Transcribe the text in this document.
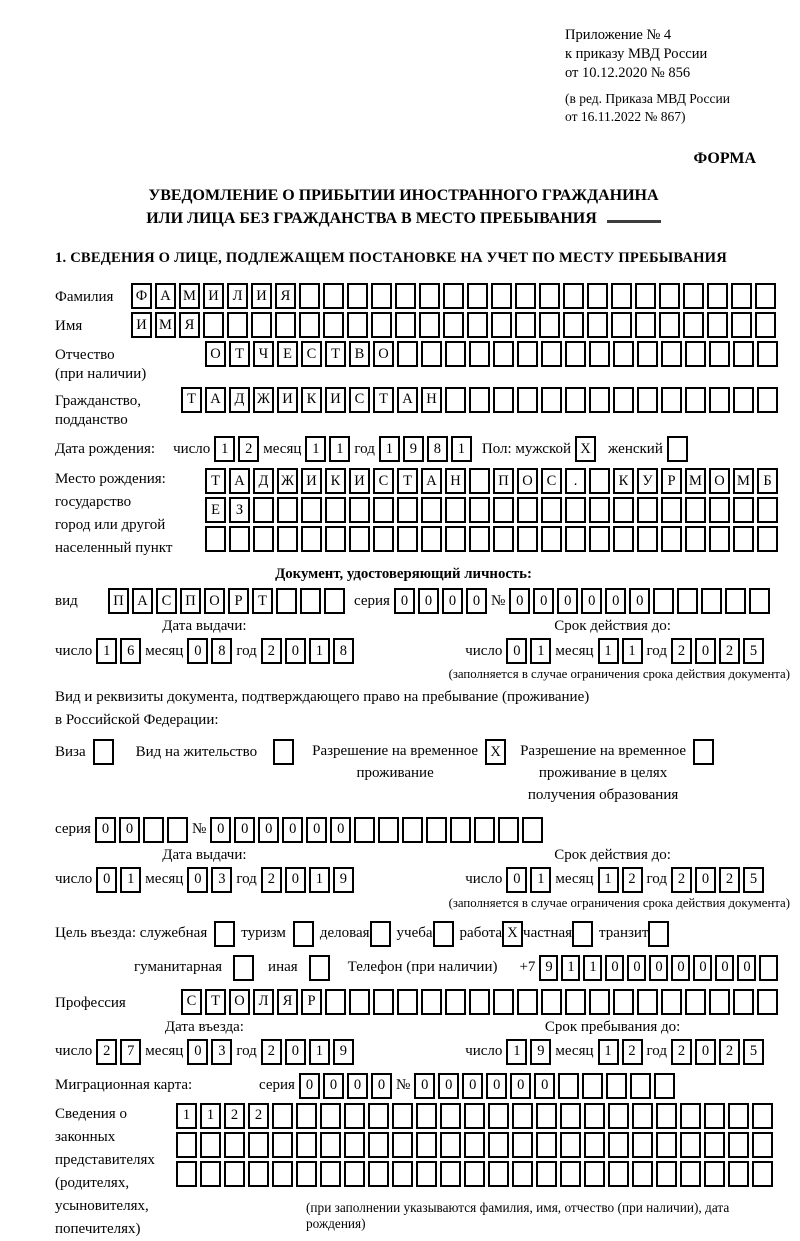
Приложение № 4
к приказу МВД России
от 10.12.2020 № 856
(в ред. Приказа МВД России
от 16.11.2022 № 867)
ФОРМА
УВЕДОМЛЕНИЕ О ПРИБЫТИИ ИНОСТРАННОГО ГРАЖДАНИНА
ИЛИ ЛИЦА БЕЗ ГРАЖДАНСТВА В МЕСТО ПРЕБЫВАНИЯ
1. СВЕДЕНИЯ О ЛИЦЕ, ПОДЛЕЖАЩЕМ ПОСТАНОВКЕ НА УЧЕТ ПО МЕСТУ ПРЕБЫВАНИЯ
Фамилия	Ф А М И Л И Я
Имя	И М Я
Отчество
(при наличии)
О Т	Ч	Е	С	Т	В О
Гражданство,
подданство
Т А Д Ж И К И С	Т А Н
Дата рождения: число 1	2 месяц 1	1 год 1	9	8	1	Пол: мужской X	женский
Место рождения:
государство
город или другой
населенный пункт
Т А Д Ж И К И С	Т А Н	П О С	.	К У	Р М О М Б
Е	З
Документ, удостоверяющий личность:
вид	П А С П О	Р	Т	серия 0	0	0	0 № 0	0	0	0	0	0
Дата выдачи:
число 1	6 месяц 0	8 год 2	0	1	8
Срок действия до:
число 0	1 месяц 1	1 год 2	0	2	5
(заполняется в случае ограничения срока действия документа)
Вид и реквизиты документа, подтверждающего право на пребывание (проживание)
в Российской Федерации:
Виза	Вид на жительство	Разрешение на временное
проживание
X	Разрешение на временное
проживание в целях
получения образования
серия 0	0	№ 0	0	0	0	0	0
Дата выдачи:
число 0	1 месяц 0	3 год 2	0	1	9
Срок действия до:
число 0	1 месяц 1	2 год 2	0	2	5
(заполняется в случае ограничения срока действия документа)
Цель въезда: служебная туризм деловая учеба работа X частная транзит
гуманитарная	иная	Телефон (при наличии) +7 9	1	1	0	0	0	0	0	0	0
Профессия	С	Т О Л Я	Р
Дата въезда:
число 2	7 месяц 0	3 год 2	0	1	9
Срок пребывания до:
число 1	9 месяц 1	2 год 2	0	2	5
Миграционная карта:	серия 0	0	0	0 № 0	0	0	0	0	0
Сведения о
законных
представителях
(родителях,
усыновителях,
попечителях)
1	1	2	2
(при заполнении указываются фамилия, имя, отчество (при наличии), дата рождения)
